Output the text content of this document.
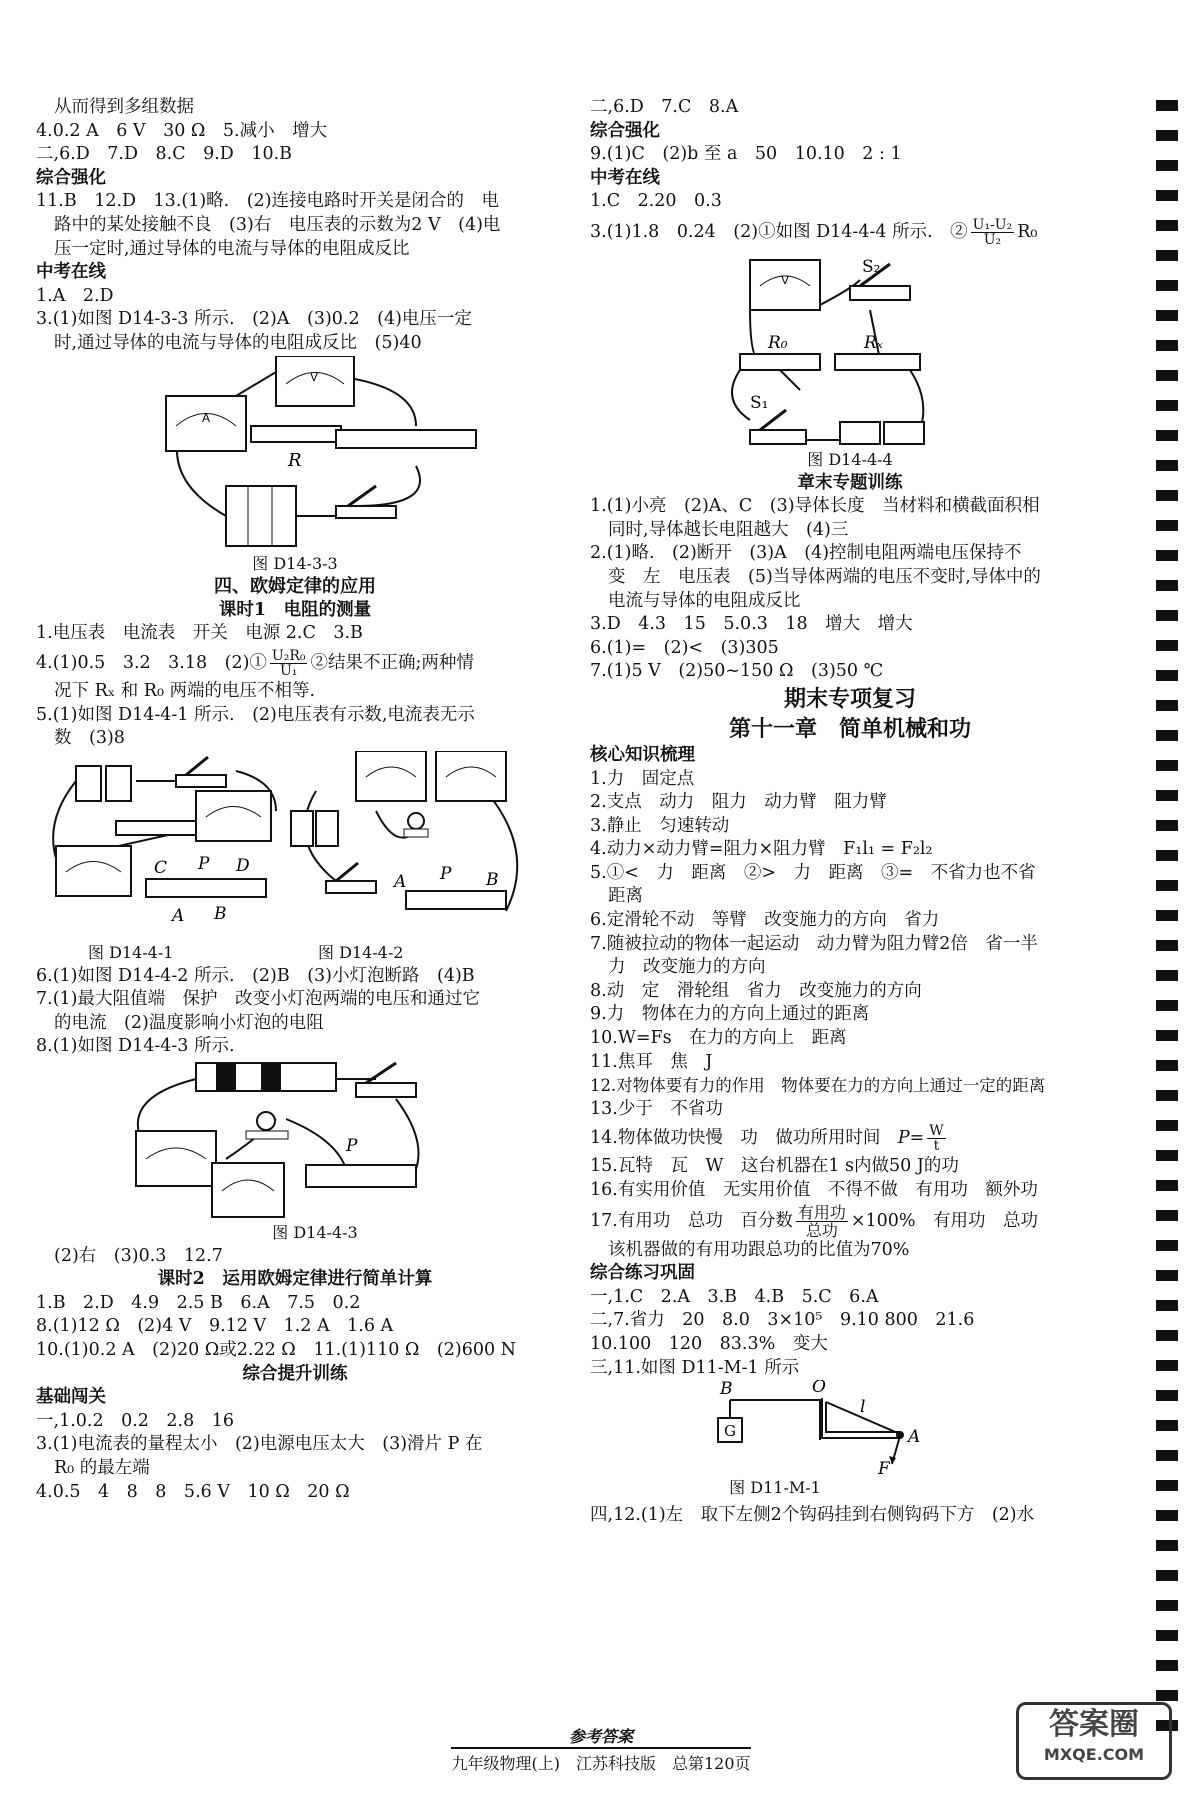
从而得到多组数据
4.0.2 A　6 V　30 Ω　5.减小　增大
二,6.D　7.D　8.C　9.D　10.B
综合强化
11.B　12.D　13.(1)略.　(2)连接电路时开关是闭合的　电
路中的某处接触不良　(3)右　电压表的示数为2 V　(4)电
压一定时,通过导体的电流与导体的电阻成反比
中考在线
1.A　2.D
3.(1)如图 D14-3-3 所示.　(2)A　(3)0.2　(4)电压一定
时,通过导体的电流与导体的电阻成反比　(5)40
A
V
R
图 D14-3-3
四、欧姆定律的应用
课时1　电阻的测量
1.电压表　电流表　开关　电源 2.C　3.B
4.(1)0.5　3.2　3.18　(2)① $\frac{\text{U₂R₀}}{\text{U₁}}$ ②结果不正确;两种情
况下 Rₓ 和 R₀ 两端的电压不相等.
5.(1)如图 D14-4-1 所示.　(2)电压表有示数,电流表无示
数　(3)8
C P D
A B
A P B
图 D14-4-1	图 D14-4-2
6.(1)如图 D14-4-2 所示.　(2)B　(3)小灯泡断路　(4)B
7.(1)最大阻值端　保护　改变小灯泡两端的电压和通过它
的电流　(2)温度影响小灯泡的电阻
8.(1)如图 D14-4-3 所示.
P
图 D14-4-3
(2)右　(3)0.3　12.7
课时2　运用欧姆定律进行简单计算
1.B　2.D　4.9　2.5 B　6.A　7.5　0.2
8.(1)12 Ω　(2)4 V　9.12 V　1.2 A　1.6 A
10.(1)0.2 A　(2)20 Ω或2.22 Ω　11.(1)110 Ω　(2)600 N
综合提升训练
基础闯关
一,1.0.2　0.2　2.8　16
3.(1)电流表的量程太小　(2)电源电压太大　(3)滑片 P 在
R₀ 的最左端
4.0.5　4　8　8　5.6 V　10 Ω　20 Ω
二,6.D　7.C　8.A
综合强化
9.(1)C　(2)b 至 a　50　10.10　2 : 1
中考在线
1.C　2.20　0.3
3.(1)1.8　0.24　(2)①如图 D14-4-4 所示.　② $\frac{\text{U₁-U₂}}{\text{U₂}} R_0$
V
S₂
R₀	Rₓ
S₁
图 D14-4-4
章末专题训练
1.(1)小亮　(2)A、C　(3)导体长度　当材料和横截面积相
同时,导体越长电阻越大　(4)三
2.(1)略.　(2)断开　(3)A　(4)控制电阻两端电压保持不
变　左　电压表　(5)当导体两端的电压不变时,导体中的
电流与导体的电阻成反比
3.D　4.3　15　5.0.3　18　增大　增大
6.(1)=　(2)<　(3)305
7.(1)5 V　(2)50~150 Ω　(3)50 ℃
期末专项复习
第十一章　简单机械和功
核心知识梳理
1.力　固定点
2.支点　动力　阻力　动力臂　阻力臂
3.静止　匀速转动
4.动力×动力臂=阻力×阻力臂　F₁l₁ = F₂l₂
5.①<　力　距离　②>　力　距离　③=　不省力也不省
距离
6.定滑轮不动　等臂　改变施力的方向　省力
7.随被拉动的物体一起运动　动力臂为阻力臂2倍　省一半
力　改变施力的方向
8.动　定　滑轮组　省力　改变施力的方向
9.力　物体在力的方向上通过的距离
10.W=Fs　在力的方向上　距离
11.焦耳　焦　J
12.对物体要有力的作用　物体要在力的方向上通过一定的距离
13.少于　不省功
14.物体做功快慢　功　做功所用时间　 $P= \frac{W}{t}$
15.瓦特　瓦　W　这台机器在1 s内做50 J的功
16.有实用价值　无实用价值　不得不做　有用功　额外功
17.有用功　总功　百分数 $\frac{\text{有用功}}{\text{总功}} \times 100\%$　有用功　总功
该机器做的有用功跟总功的比值为70%
综合练习巩固
一,1.C　2.A　3.B　4.B　5.C　6.A
二,7.省力　20　8.0　3×10⁵　9.10 800　21.6
10.100　120　83.3%　变大
三,11.如图 D11-M-1 所示
B	O
l
G	A
F
图 D11-M-1
四,12.(1)左　取下左侧2个钩码挂到右侧钩码下方　(2)水
参考答案
九年级物理(上)　江苏科技版　总第120页
答案圈
MXQE.COM
